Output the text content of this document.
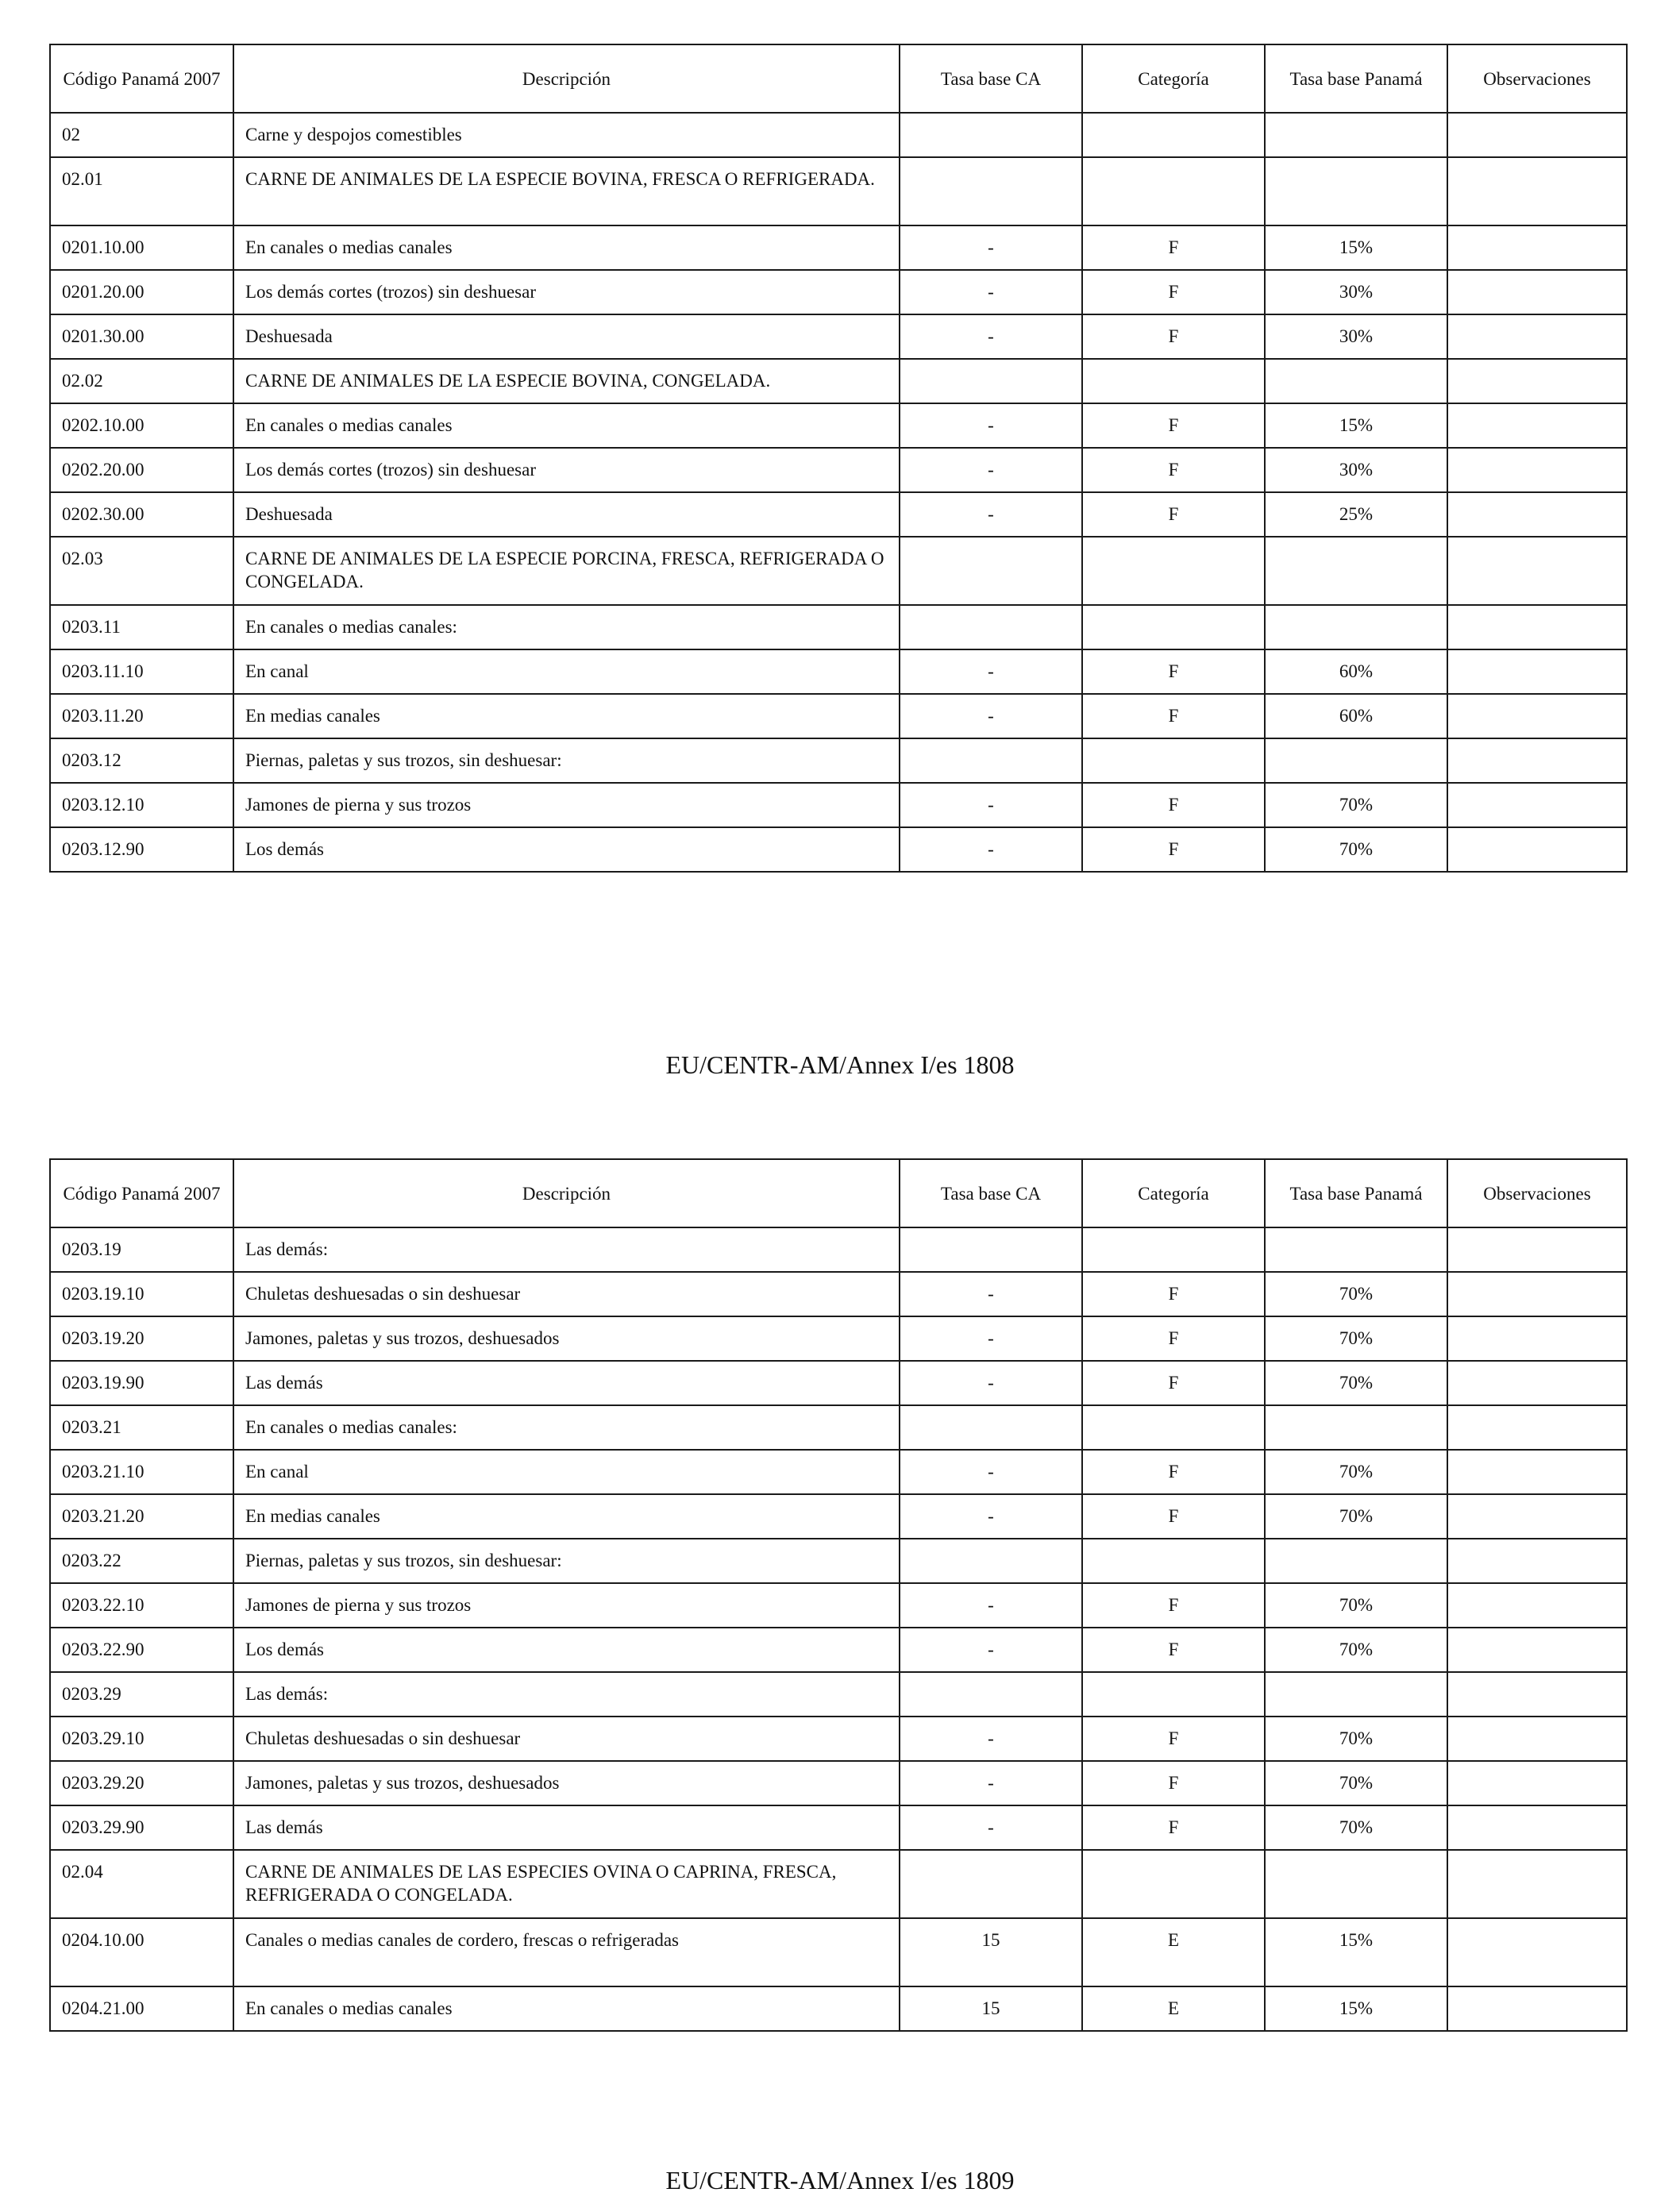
Código Panamá 2007	Descripción	Tasa base CA	Categoría	Tasa base Panamá	Observaciones
02	Carne y despojos comestibles				
02.01	CARNE DE ANIMALES DE LA ESPECIE BOVINA, FRESCA O REFRIGERADA.				
0201.10.00	En canales o medias canales	-	F	15%	
0201.20.00	Los demás cortes (trozos) sin deshuesar	-	F	30%	
0201.30.00	Deshuesada	-	F	30%	
02.02	CARNE DE ANIMALES DE LA ESPECIE BOVINA, CONGELADA.				
0202.10.00	En canales o medias canales	-	F	15%	
0202.20.00	Los demás cortes (trozos) sin deshuesar	-	F	30%	
0202.30.00	Deshuesada	-	F	25%	
02.03	CARNE DE ANIMALES DE LA ESPECIE PORCINA, FRESCA, REFRIGERADA O CONGELADA.				
0203.11	En canales o medias canales:				
0203.11.10	En canal	-	F	60%	
0203.11.20	En medias canales	-	F	60%	
0203.12	Piernas, paletas y sus trozos, sin deshuesar:				
0203.12.10	Jamones de pierna y sus trozos	-	F	70%	
0203.12.90	Los demás	-	F	70%	
EU/CENTR-AM/Annex I/es 1808
Código Panamá 2007	Descripción	Tasa base CA	Categoría	Tasa base Panamá	Observaciones
0203.19	Las demás:				
0203.19.10	Chuletas deshuesadas o sin deshuesar	-	F	70%	
0203.19.20	Jamones, paletas y sus trozos, deshuesados	-	F	70%	
0203.19.90	Las demás	-	F	70%	
0203.21	En canales o medias canales:				
0203.21.10	En canal	-	F	70%	
0203.21.20	En medias canales	-	F	70%	
0203.22	Piernas, paletas y sus trozos, sin deshuesar:				
0203.22.10	Jamones de pierna y sus trozos	-	F	70%	
0203.22.90	Los demás	-	F	70%	
0203.29	Las demás:				
0203.29.10	Chuletas deshuesadas o sin deshuesar	-	F	70%	
0203.29.20	Jamones, paletas y sus trozos, deshuesados	-	F	70%	
0203.29.90	Las demás	-	F	70%	
02.04	CARNE DE ANIMALES DE LAS ESPECIES OVINA O CAPRINA, FRESCA, REFRIGERADA O CONGELADA.				
0204.10.00	Canales o medias canales de cordero, frescas o refrigeradas	15	E	15%	
0204.21.00	En canales o medias canales	15	E	15%	
EU/CENTR-AM/Annex I/es 1809
